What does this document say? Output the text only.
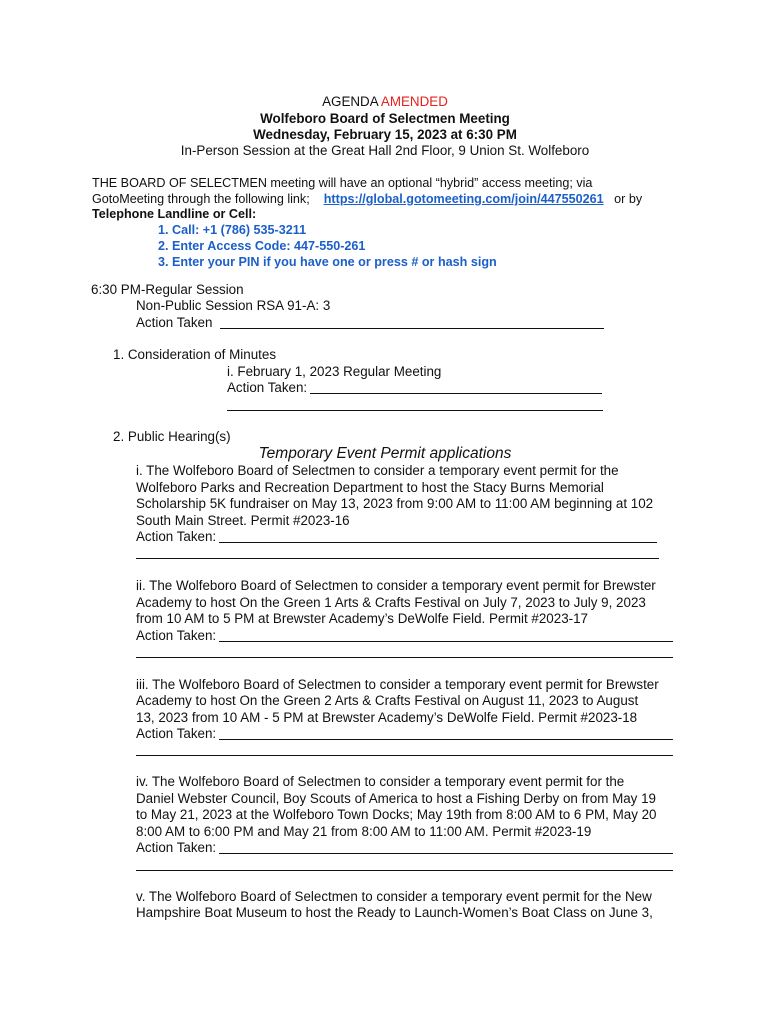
AGENDA AMENDED
Wolfeboro Board of Selectmen Meeting
Wednesday, February 15, 2023 at 6:30 PM
In-Person Session at the Great Hall 2nd Floor, 9 Union St. Wolfeboro
THE BOARD OF SELECTMEN meeting will have an optional “hybrid” access meeting; via
GotoMeeting through the following link; https://global.gotomeeting.com/join/447550261 or by
Telephone Landline or Cell:
1. Call: +1 (786) 535-3211
2. Enter Access Code: 447-550-261
3. Enter your PIN if you have one or press # or hash sign
6:30 PM-Regular Session
Non-Public Session RSA 91-A: 3
Action Taken
1. Consideration of Minutes
i. February 1, 2023 Regular Meeting
Action Taken:
2. Public Hearing(s)
Temporary Event Permit applications
i. The Wolfeboro Board of Selectmen to consider a temporary event permit for the
Wolfeboro Parks and Recreation Department to host the Stacy Burns Memorial
Scholarship 5K fundraiser on May 13, 2023 from 9:00 AM to 11:00 AM beginning at 102
South Main Street. Permit #2023-16
Action Taken:
ii. The Wolfeboro Board of Selectmen to consider a temporary event permit for Brewster
Academy to host On the Green 1 Arts & Crafts Festival on July 7, 2023 to July 9, 2023
from 10 AM to 5 PM at Brewster Academy’s DeWolfe Field. Permit #2023-17
Action Taken:
iii. The Wolfeboro Board of Selectmen to consider a temporary event permit for Brewster
Academy to host On the Green 2 Arts & Crafts Festival on August 11, 2023 to August
13, 2023 from 10 AM - 5 PM at Brewster Academy’s DeWolfe Field. Permit #2023-18
Action Taken:
iv. The Wolfeboro Board of Selectmen to consider a temporary event permit for the
Daniel Webster Council, Boy Scouts of America to host a Fishing Derby on from May 19
to May 21, 2023 at the Wolfeboro Town Docks; May 19th from 8:00 AM to 6 PM, May 20
8:00 AM to 6:00 PM and May 21 from 8:00 AM to 11:00 AM. Permit #2023-19
Action Taken:
v. The Wolfeboro Board of Selectmen to consider a temporary event permit for the New
Hampshire Boat Museum to host the Ready to Launch-Women’s Boat Class on June 3,
